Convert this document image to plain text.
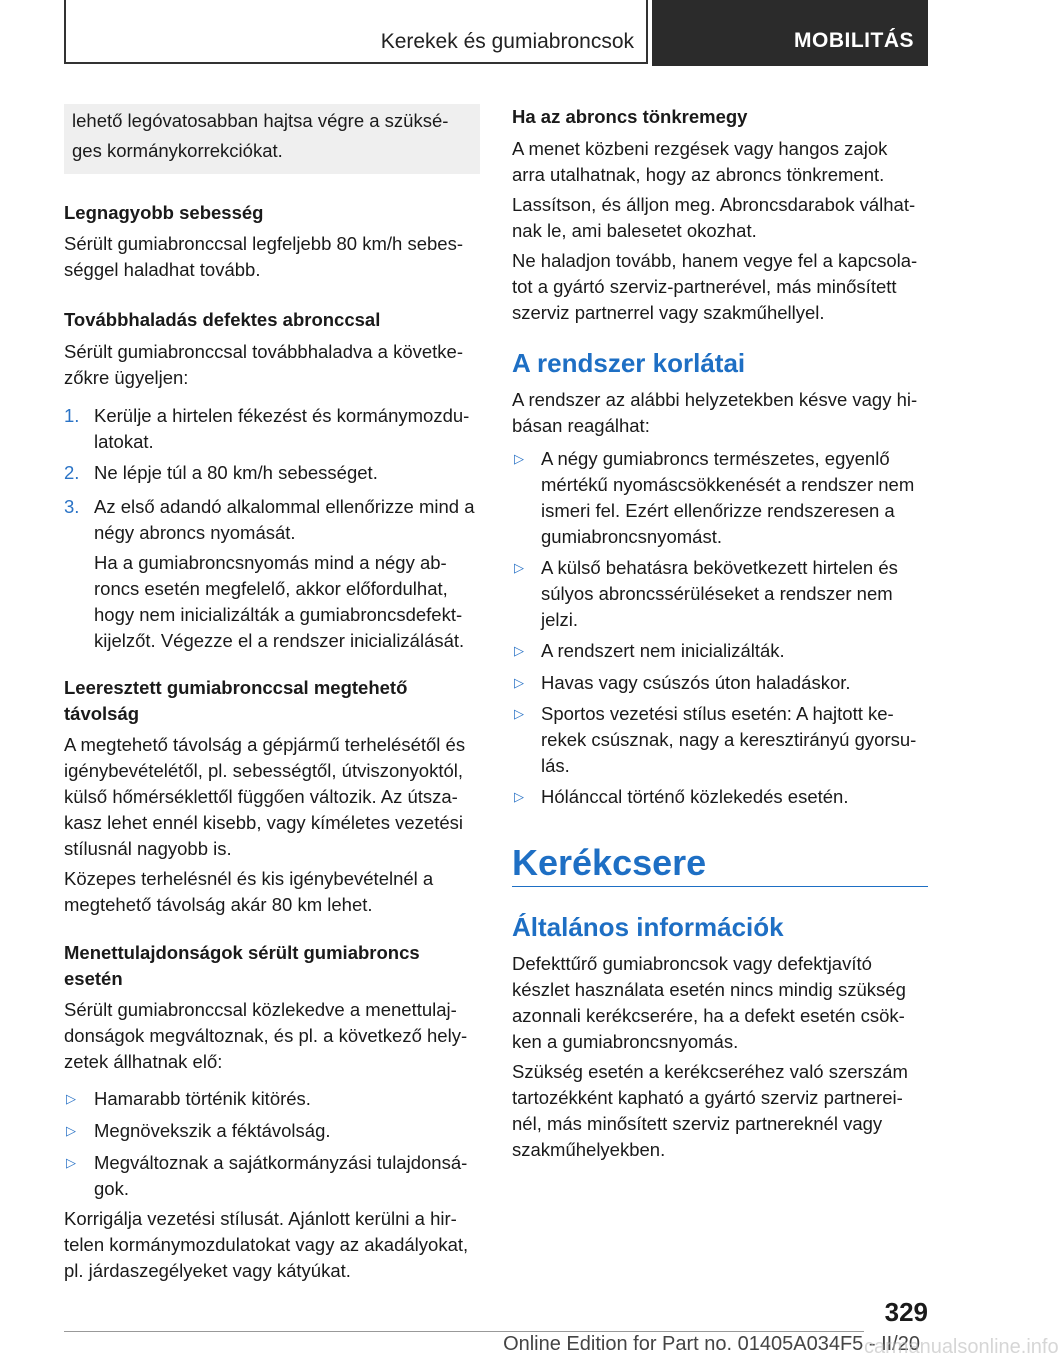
Kerekek és gumiabroncsok	MOBILITÁS

lehető legóvatosabban hajtsa végre a szüksé-

ges kormánykorrekciókat.

Legnagyobb sebesség

Sérült gumiabronccsal legfeljebb 80 km/h sebes-

séggel haladhat tovább.

Továbbhaladás defektes abronccsal

Sérült gumiabronccsal továbbhaladva a követke-

zőkre ügyeljen:

1. Kerülje a hirtelen fékezést és kormánymozdu-

latokat.

2. Ne lépje túl a 80 km/h sebességet.

3. Az első adandó alkalommal ellenőrizze mind a

négy abroncs nyomását.

Ha a gumiabroncsnyomás mind a négy ab-

roncs esetén megfelelő, akkor előfordulhat,

hogy nem inicializálták a gumiabroncsdefekt-

kijelzőt. Végezze el a rendszer inicializálását.

Leeresztett gumiabronccsal megtehető
távolság

A megtehető távolság a gépjármű terhelésétől és

igénybevételétől, pl. sebességtől, útviszonyoktól,

külső hőmérséklettől függően változik. Az útsza-

kasz lehet ennél kisebb, vagy kíméletes vezetési

stílusnál nagyobb is.

Közepes terhelésnél és kis igénybevételnél a

megtehető távolság akár 80 km lehet.

Menettulajdonságok sérült gumiabroncs
esetén

Sérült gumiabronccsal közlekedve a menettulaj-

donságok megváltoznak, és pl. a következő hely-

zetek állhatnak elő:

▷ Hamarabb történik kitörés.

▷ Megnövekszik a féktávolság.

▷ Megváltoznak a sajátkormányzási tulajdonsá-

gok.

Korrigálja vezetési stílusát. Ajánlott kerülni a hir-

telen kormánymozdulatokat vagy az akadályokat,

pl. járdaszegélyeket vagy kátyúkat.

Ha az abroncs tönkremegy

A menet közbeni rezgések vagy hangos zajok

arra utalhatnak, hogy az abroncs tönkrement.

Lassítson, és álljon meg. Abroncsdarabok válhat-

nak le, ami balesetet okozhat.

Ne haladjon tovább, hanem vegye fel a kapcsola-

tot a gyártó szerviz-partnerével, más minősített

szerviz partnerrel vagy szakműhellyel.

A rendszer korlátai

A rendszer az alábbi helyzetekben késve vagy hi-

básan reagálhat:

▷ A négy gumiabroncs természetes, egyenlő

mértékű nyomáscsökkenését a rendszer nem

ismeri fel. Ezért ellenőrizze rendszeresen a

gumiabroncsnyomást.

▷ A külső behatásra bekövetkezett hirtelen és

súlyos abroncssérüléseket a rendszer nem

jelzi.

▷ A rendszert nem inicializálták.

▷ Havas vagy csúszós úton haladáskor.

▷ Sportos vezetési stílus esetén: A hajtott ke-

rekek csúsznak, nagy a keresztirányú gyorsu-

lás.

▷ Hólánccal történő közlekedés esetén.

Kerékcsere
Általános információk

Defekttűrő gumiabroncsok vagy defektjavító

készlet használata esetén nincs mindig szükség

azonnali kerékcserére, ha a defekt esetén csök-

ken a gumiabroncsnyomás.

Szükség esetén a kerékcseréhez való szerszám

tartozékként kapható a gyártó szerviz partnerei-

nél, más minősített szerviz partnereknél vagy

szakműhelyekben.

329
Online Edition for Part no. 01405A034F5 - II/20
carmanualsonline.info
